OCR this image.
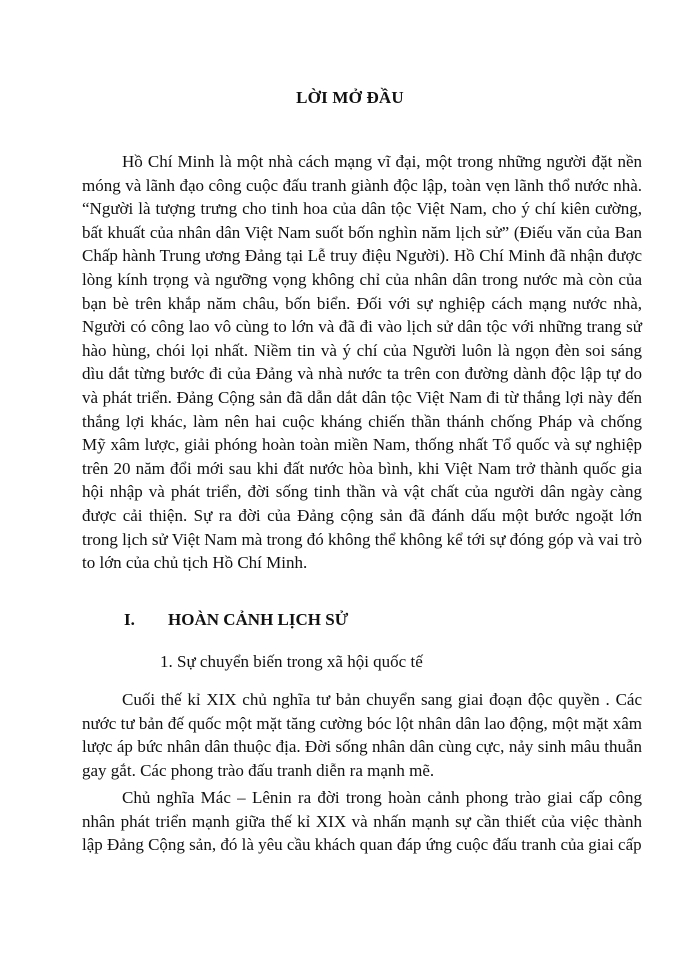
LỜI MỞ ĐẦU

Hồ Chí Minh là một nhà cách mạng vĩ đại, một trong những người đặt nền móng và lãnh đạo công cuộc đấu tranh giành độc lập, toàn vẹn lãnh thổ nước nhà. “Người là tượng trưng cho tinh hoa của dân tộc Việt Nam, cho ý chí kiên cường, bất khuất của nhân dân Việt Nam suốt bốn nghìn năm lịch sử” (Điếu văn của Ban Chấp hành Trung ương Đảng tại Lễ truy điệu Người). Hồ Chí Minh đã nhận được lòng kính trọng và ngưỡng vọng không chỉ của nhân dân trong nước mà còn của bạn bè trên khắp năm châu, bốn biển. Đối với sự nghiệp cách mạng nước nhà, Người có công lao vô cùng to lớn và đã đi vào lịch sử dân tộc với những trang sử hào hùng, chói lọi nhất. Niềm tin và ý chí của Người luôn là ngọn đèn soi sáng dìu dắt từng bước đi của Đảng và nhà nước ta trên con đường dành độc lập tự do và phát triển. Đảng Cộng sản đã dẫn dắt dân tộc Việt Nam đi từ thắng lợi này đến thắng lợi khác, làm nên hai cuộc kháng chiến thần thánh chống Pháp và chống Mỹ xâm lược, giải phóng hoàn toàn miền Nam, thống nhất Tổ quốc và sự nghiệp trên 20 năm đổi mới sau khi đất nước hòa bình, khi Việt Nam trở thành quốc gia hội nhập và phát triển, đời sống tinh thần và vật chất của người dân ngày càng được cải thiện. Sự ra đời của Đảng cộng sản đã đánh dấu một bước ngoặt lớn trong lịch sử Việt Nam mà trong đó không thể không kể tới sự đóng góp và vai trò to lớn của chủ tịch Hồ Chí Minh.

I. HOÀN CẢNH LỊCH SỬ
1. Sự chuyển biến trong xã hội quốc tế

Cuối thế kỉ XIX chủ nghĩa tư bản chuyển sang giai đoạn độc quyền . Các nước tư bản đế quốc một mặt tăng cường bóc lột nhân dân lao động, một mặt xâm lược áp bức nhân dân thuộc địa. Đời sống nhân dân cùng cực, nảy sinh mâu thuẫn gay gắt. Các phong trào đấu tranh diễn ra mạnh mẽ.

Chủ nghĩa Mác – Lênin ra đời trong hoàn cảnh phong trào giai cấp công nhân phát triển mạnh giữa thế kỉ XIX và nhấn mạnh sự cần thiết của việc thành lập Đảng Cộng sản, đó là yêu cầu khách quan đáp ứng cuộc đấu tranh của giai cấp
